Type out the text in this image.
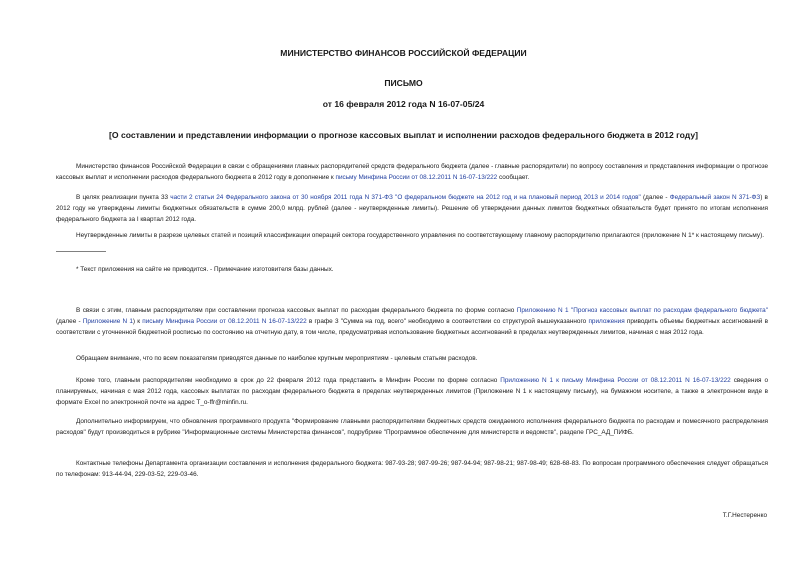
МИНИСТЕРСТВО ФИНАНСОВ РОССИЙСКОЙ ФЕДЕРАЦИИ
ПИСЬМО
от 16 февраля 2012 года N 16-07-05/24
[О составлении и представлении информации о прогнозе кассовых выплат и исполнении расходов федерального бюджета в 2012 году]
Министерство финансов Российской Федерации в связи с обращениями главных распорядителей средств федерального бюджета (далее - главные распорядители) по вопросу составления и представления информации о прогнозе кассовых выплат и исполнении расходов федерального бюджета в 2012 году в дополнение к письму Минфина России от 08.12.2011 N 16-07-13/222 сообщает.
В целях реализации пункта 33 части 2 статьи 24 Федерального закона от 30 ноября 2011 года N 371-ФЗ "О федеральном бюджете на 2012 год и на плановый период 2013 и 2014 годов" (далее - Федеральный закон N 371-ФЗ) в 2012 году не утверждены лимиты бюджетных обязательств в сумме 200,0 млрд. рублей (далее - неутвержденные лимиты). Решение об утверждении данных лимитов бюджетных обязательств будет принято по итогам исполнения федерального бюджета за I квартал 2012 года.
Неутвержденные лимиты в разрезе целевых статей и позиций классификации операций сектора государственного управления по соответствующему главному распорядителю прилагаются (приложение N 1* к настоящему письму).
* Текст приложения на сайте не приводится. - Примечание изготовителя базы данных.
В связи с этим, главным распорядителям при составлении прогноза кассовых выплат по расходам федерального бюджета по форме согласно Приложению N 1 "Прогноз кассовых выплат по расходам федерального бюджета" (далее - Приложение N 1) к письму Минфина России от 08.12.2011 N 16-07-13/222 в графе 3 "Сумма на год, всего" необходимо в соответствии со структурой вышеуказанного приложения приводить объемы бюджетных ассигнований в соответствии с уточненной бюджетной росписью по состоянию на отчетную дату, в том числе, предусматривая использование бюджетных ассигнований в пределах неутвержденных лимитов, начиная с мая 2012 года.
Обращаем внимание, что по всем показателям приводятся данные по наиболее крупным мероприятиям - целевым статьям расходов.
Кроме того, главным распорядителям необходимо в срок до 22 февраля 2012 года представить в Минфин России по форме согласно Приложению N 1 к письму Минфина России от 08.12.2011 N 16-07-13/222 сведения о планируемых, начиная с мая 2012 года, кассовых выплатах по расходам федерального бюджета в пределах неутвержденных лимитов (Приложение N 1 к настоящему письму), на бумажном носителе, а также в электронном виде в формате Excel по электронной почте на адрес T_o-ffr@minfin.ru.
Дополнительно информируем, что обновления программного продукта "Формирование главными распорядителями бюджетных средств ожидаемого исполнения федерального бюджета по расходам и помесячного распределения расходов" будут производиться в рубрике "Информационные системы Министерства финансов", подрубрике "Программное обеспечение для министерств и ведомств", разделе ГРС_АД_ПИФБ.
Контактные телефоны Департамента организации составления и исполнения федерального бюджета: 987-93-28; 987-99-26; 987-94-94; 987-98-21; 987-98-49; 628-68-83. По вопросам программного обеспечения следует обращаться по телефонам: 913-44-94, 229-03-52, 229-03-46.
Т.Г.Нестеренко
